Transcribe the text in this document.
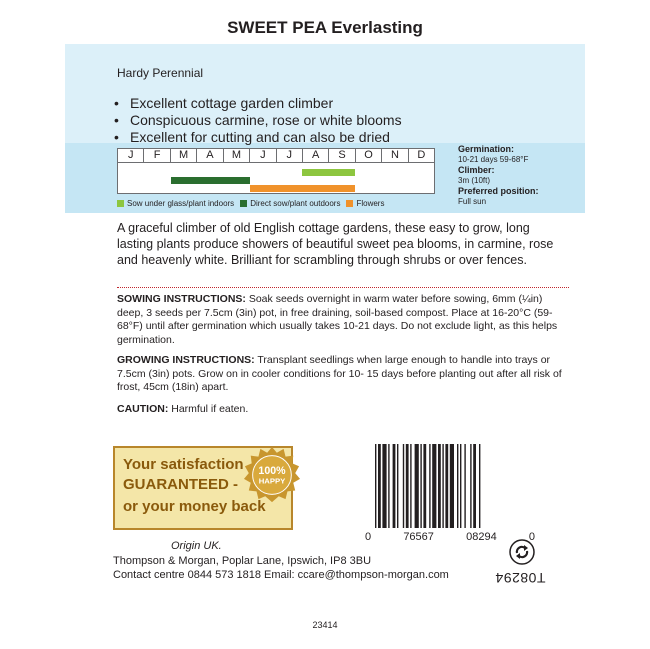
SWEET PEA Everlasting
Hardy Perennial
• Excellent cottage garden climber
• Conspicuous carmine, rose or white blooms
• Excellent for cutting and can also be dried
J	F	M	A	M	J	J	A	S	O	N	D
Sow under glass/plant indoors Direct sow/plant outdoors Flowers
Germination:
10-21 days 59-68°F
Climber:
3m (10ft)
Preferred position:
Full sun
A graceful climber of old English cottage gardens, these easy to grow, long lasting plants produce showers of beautiful sweet pea blooms, in carmine, rose and heavenly white. Brilliant for scrambling through shrubs or over fences.
SOWING INSTRUCTIONS: Soak seeds overnight in warm water before sowing, 6mm (¼in) deep, 3 seeds per 7.5cm (3in) pot, in free draining, soil-based compost. Place at 16-20°C (59-68°F) until after germination which usually takes 10-21 days. Do not exclude light, as this helps germination.
GROWING INSTRUCTIONS: Transplant seedlings when large enough to handle into trays or 7.5cm (3in) pots. Grow on in cooler conditions for 10- 15 days before planting out after all risk of frost, 45cm (18in) apart.
CAUTION: Harmful if eaten.
Your satisfaction
GUARANTEED -
or your money back
100%
HAPPY
0	76567	08294	0
Origin UK.
Thompson & Morgan, Poplar Lane, Ipswich, IP8 3BU
Contact centre 0844 573 1818 Email: ccare@thompson-morgan.com	T08294
23414
